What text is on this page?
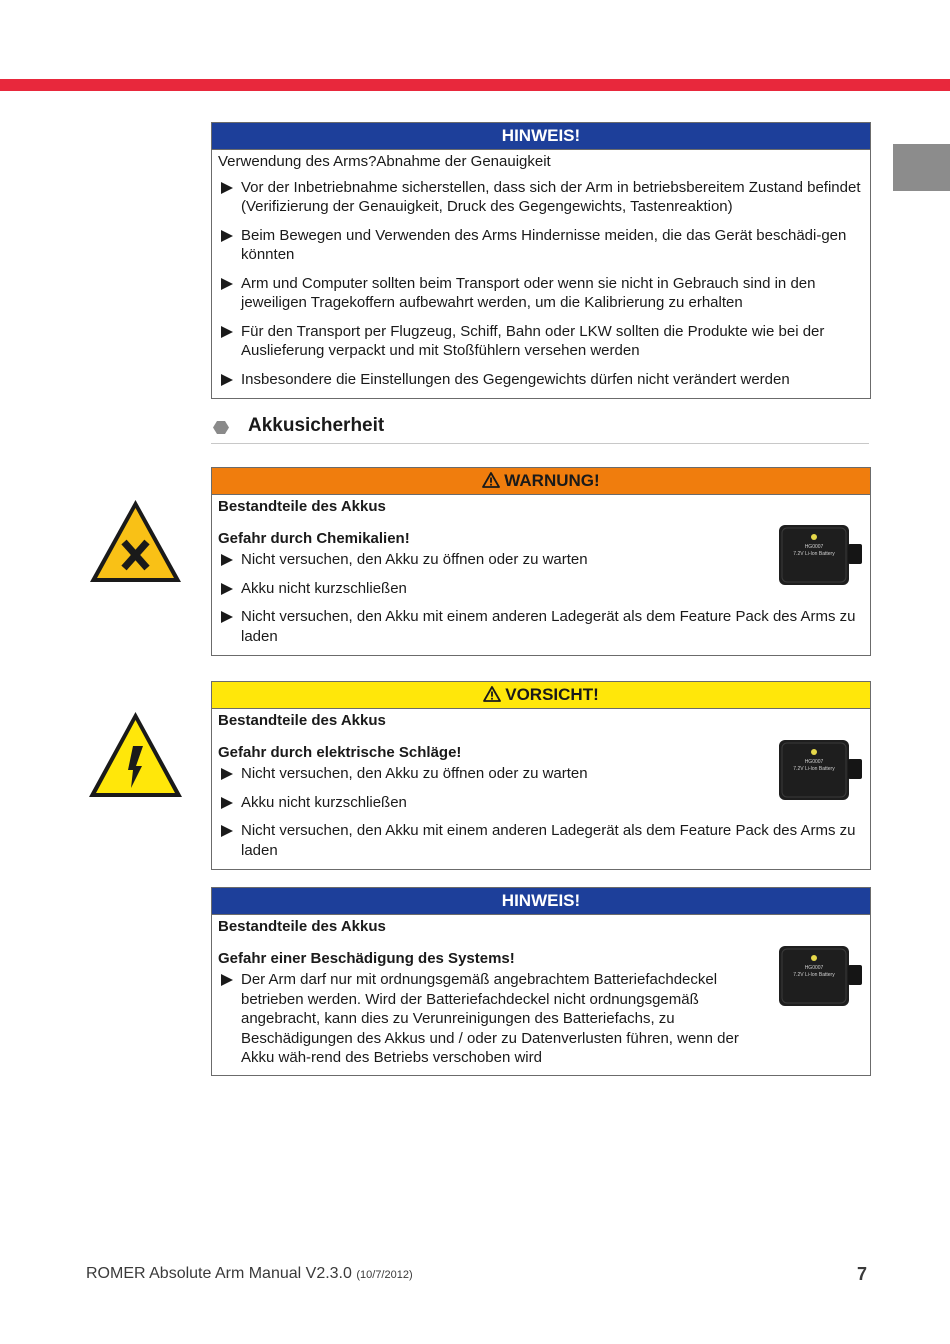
HINWEIS!

Verwendung des Arms?Abnahme der Genauigkeit

Vor der Inbetriebnahme sicherstellen, dass sich der Arm in betriebsbereitem Zustand befindet (Verifizierung der Genauigkeit, Druck des Gegengewichts, Tastenreaktion)
Beim Bewegen und Verwenden des Arms Hindernisse meiden, die das Gerät beschädi-gen könnten
Arm und Computer sollten beim Transport oder wenn sie nicht in Gebrauch sind in den jeweiligen Tragekoffern aufbewahrt werden, um die Kalibrierung zu erhalten
Für den Transport per Flugzeug, Schiff, Bahn oder LKW sollten die Produkte wie bei der Auslieferung verpackt und mit Stoßfühlern versehen werden
Insbesondere die Einstellungen des Gegengewichts dürfen nicht verändert werden
Akkusicherheit
WARNUNG!

Bestandteile des Akkus

Gefahr durch Chemikalien!

Nicht versuchen, den Akku zu öffnen oder zu warten
Akku nicht kurzschließen
Nicht versuchen, den Akku mit einem anderen Ladegerät als dem Feature Pack des Arms zu laden
VORSICHT!

Bestandteile des Akkus

Gefahr durch elektrische Schläge!

Nicht versuchen, den Akku zu öffnen oder zu warten
Akku nicht kurzschließen
Nicht versuchen, den Akku mit einem anderen Ladegerät als dem Feature Pack des Arms zu laden
HINWEIS!

Bestandteile des Akkus

Gefahr einer Beschädigung des Systems!

Der Arm darf nur mit ordnungsgemäß angebrachtem Batteriefachdeckel betrieben werden. Wird der Batteriefachdeckel nicht ordnungsgemäß angebracht, kann dies zu Verunreinigungen des Batteriefachs, zu Beschädigungen des Akkus und / oder zu Datenverlusten führen, wenn der Akku wäh-rend des Betriebs verschoben wird
HG0007
7.2V Li-Ion Battery
HG0007
7.2V Li-Ion Battery
HG0007
7.2V Li-Ion Battery
ROMER Absolute Arm Manual V2.3.0 (10/7/2012)	7
